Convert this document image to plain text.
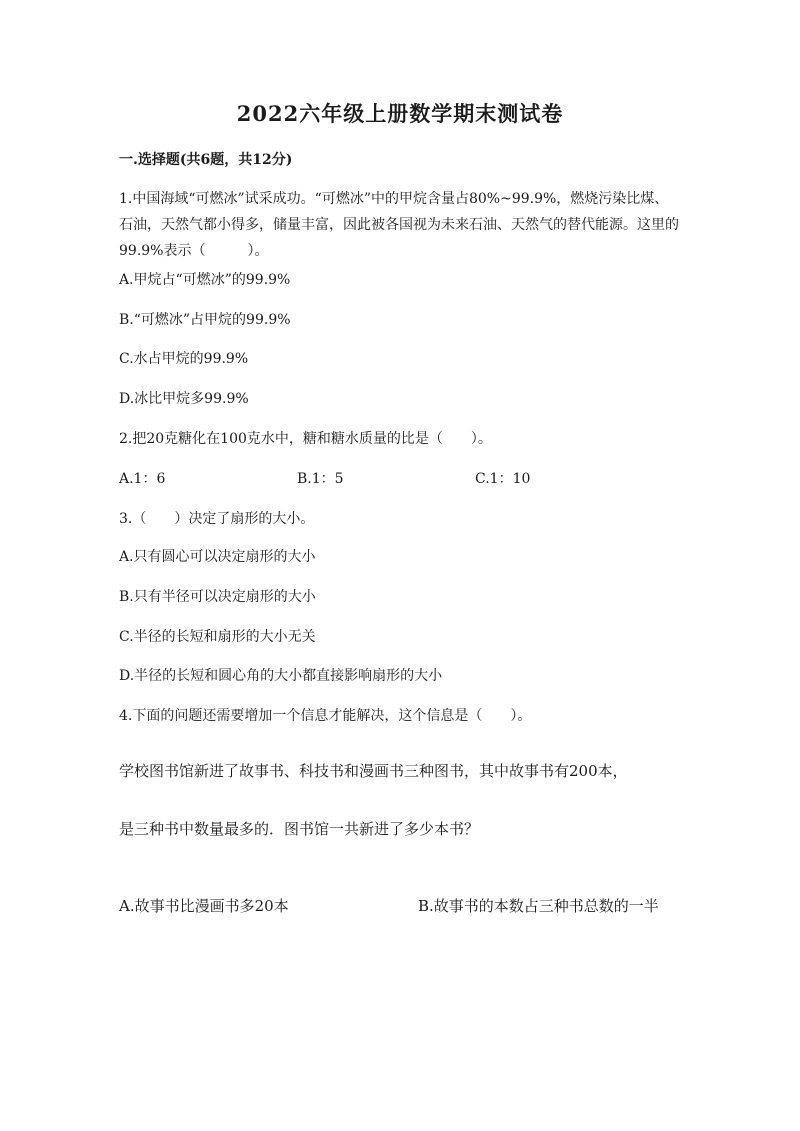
2022六年级上册数学期末测试卷
一.选择题(共6题，共12分)
1.中国海域“可燃冰”试采成功。“可燃冰”中的甲烷含量占80%~99.9%，燃烧污染比煤、石油，天然气都小得多，储量丰富，因此被各国视为未来石油、天然气的替代能源。这里的99.9%表示（　　　）。
A.甲烷占“可燃冰”的99.9%
B.“可燃冰”占甲烷的99.9%
C.水占甲烷的99.9%
D.冰比甲烷多99.9%
2.把20克糖化在100克水中，糖和糖水质量的比是（　　）。
A.1：6	B.1：5	C.1：10
3.（　　）决定了扇形的大小。
A.只有圆心可以决定扇形的大小
B.只有半径可以决定扇形的大小
C.半径的长短和扇形的大小无关
D.半径的长短和圆心角的大小都直接影响扇形的大小
4.下面的问题还需要增加一个信息才能解决，这个信息是（　　）。
学校图书馆新进了故事书、科技书和漫画书三种图书，其中故事书有200本，
是三种书中数量最多的．图书馆一共新进了多少本书？
A.故事书比漫画书多20本	B.故事书的本数占三种书总数的一半
